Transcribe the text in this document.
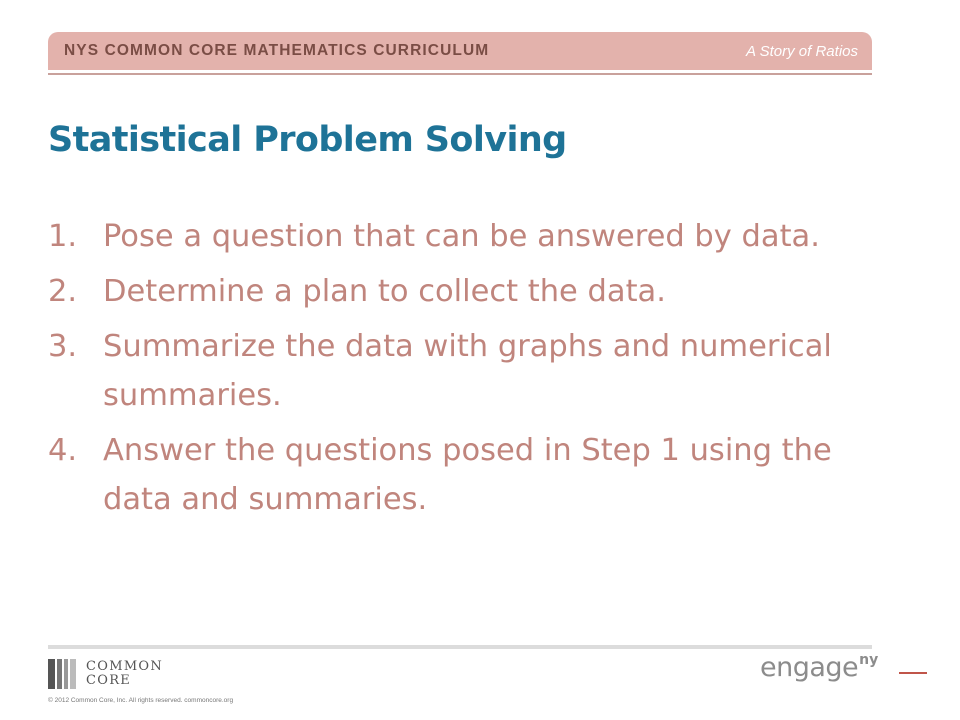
NYS COMMON CORE MATHEMATICS CURRICULUM	A Story of Ratios
Statistical Problem Solving
1. Pose a question that can be answered by data.
2. Determine a plan to collect the data.
3. Summarize the data with graphs and numerical summaries.
4. Answer the questions posed in Step 1 using the data and summaries.
COMMON
CORE
© 2012 Common Core, Inc. All rights reserved. commoncore.org
engageny
